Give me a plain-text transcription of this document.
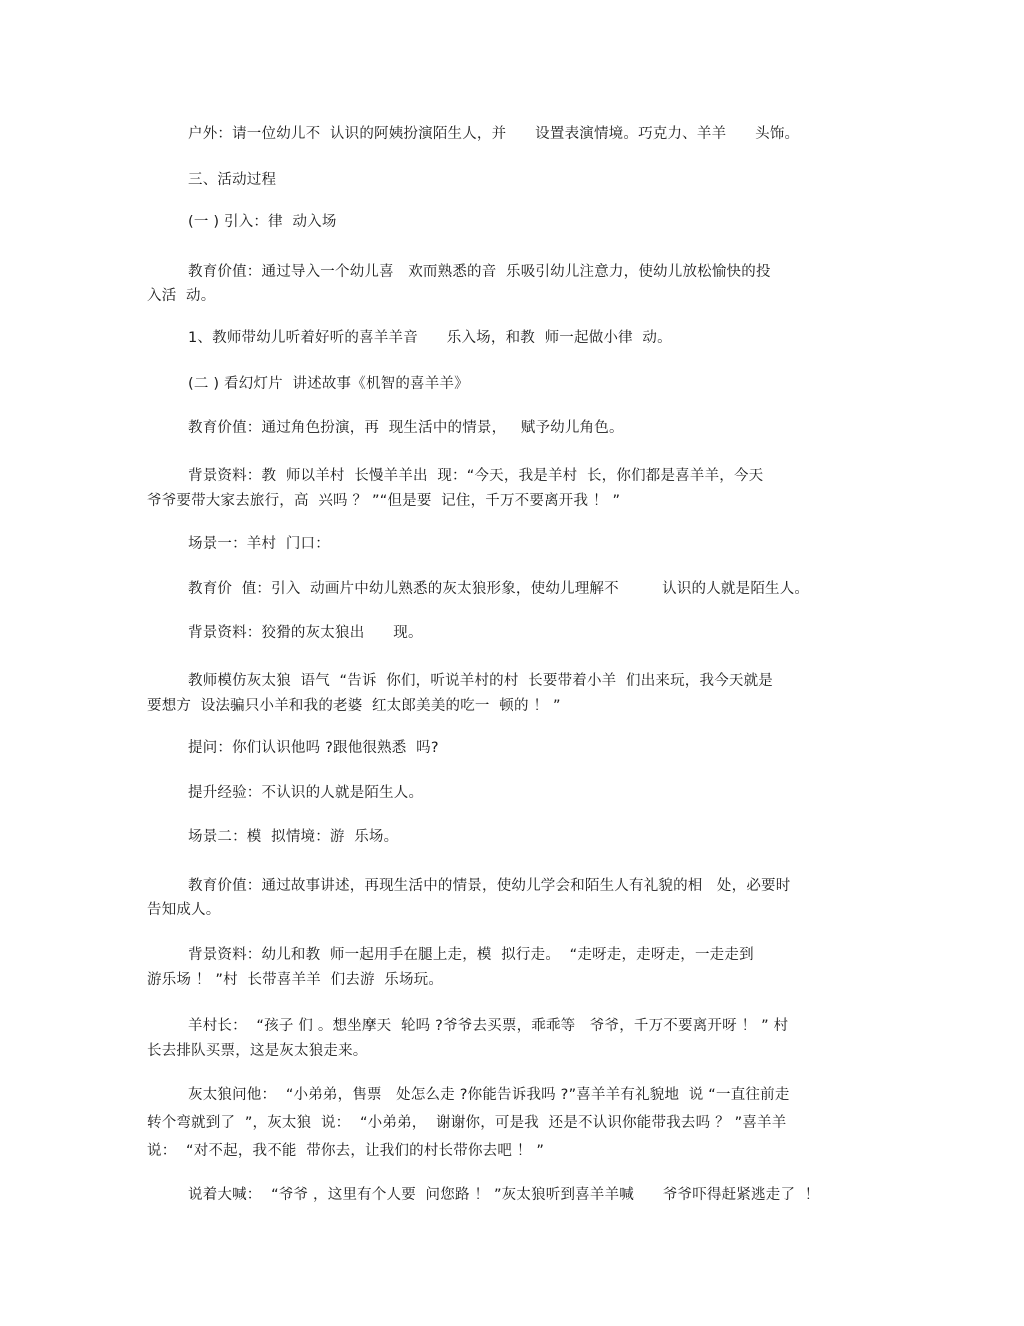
户外：请一位幼儿不  认识的阿姨扮演陌生人，并      设置表演情境。巧克力、羊羊      头饰。
三、活动过程
(一 ) 引入：律  动入场
教育价值：通过导入一个幼儿喜   欢而熟悉的音  乐吸引幼儿注意力，使幼儿放松愉快的投
入活  动。
1、教师带幼儿听着好听的喜羊羊音      乐入场，和教  师一起做小律  动。
(二 ) 看幻灯片  讲述故事《机智的喜羊羊》
教育价值：通过角色扮演，再  现生活中的情景，   赋予幼儿角色。
背景资料：教  师以羊村  长慢羊羊出  现：“今天，我是羊村  长，你们都是喜羊羊，今天
爷爷要带大家去旅行，高  兴吗 ？ ”“但是要  记住，千万不要离开我 ！ ”
场景一：羊村  门口：
教育价  值：引入  动画片中幼儿熟悉的灰太狼形象，使幼儿理解不         认识的人就是陌生人。
背景资料：狡猾的灰太狼出      现。
教师模仿灰太狼  语气  “告诉  你们，听说羊村的村  长要带着小羊  们出来玩，我今天就是
要想方  设法骗只小羊和我的老婆  红太郎美美的吃一  顿的 ！ ”
提问：你们认识他吗 ?跟他很熟悉  吗?
提升经验：不认识的人就是陌生人。
场景二：模  拟情境：游  乐场。
教育价值：通过故事讲述，再现生活中的情景，使幼儿学会和陌生人有礼貌的相   处，必要时
告知成人。
背景资料：幼儿和教  师一起用手在腿上走，模  拟行走。  “走呀走，走呀走，一走走到
游乐场 ！ ”村  长带喜羊羊  们去游  乐场玩。
羊村长：  “孩子 们 。想坐摩天  轮吗 ?爷爷去买票，乖乖等   爷爷，千万不要离开呀 ！ ” 村
长去排队买票，这是灰太狼走来。
灰太狼问他：  “小弟弟，售票   处怎么走 ?你能告诉我吗 ?”喜羊羊有礼貌地  说 “一直往前走
转个弯就到了  ”，灰太狼  说：  “小弟弟，  谢谢你，可是我  还是不认识你能带我去吗 ？ ”喜羊羊
说：  “对不起，我不能  带你去，让我们的村长带你去吧 ！ ”
说着大喊：  “爷爷 ，这里有个人要  问您路 ！ ”灰太狼听到喜羊羊喊      爷爷吓得赶紧逃走了  ！
